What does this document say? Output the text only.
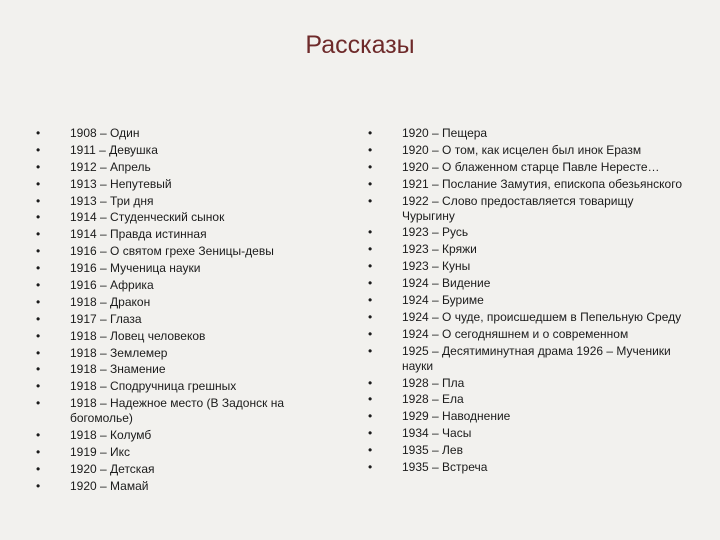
Рассказы
• 1908 – Один
• 1911 – Девушка
• 1912 – Апрель
• 1913 – Непутевый
• 1913 – Три дня
• 1914 – Студенческий сынок
• 1914 – Правда истинная
• 1916 – О святом грехе Зеницы-девы
• 1916 – Мученица науки
• 1916 – Африка
• 1918 – Дракон
• 1917 – Глаза
• 1918 – Ловец человеков
• 1918 – Землемер
• 1918 – Знамение
• 1918 – Сподручница грешных
• 1918 – Надежное место (В Задонск на богомолье)
• 1918 – Колумб
• 1919 – Икс
• 1920 – Детская
• 1920 – Мамай
• 1920 – Пещера
• 1920 – О том, как исцелен был инок Еразм
• 1920 – О блаженном старце Павле Нересте…
• 1921 – Послание Замутия, епископа обезьянского
• 1922 – Слово предоставляется товарищу Чурыгину
• 1923 – Русь
• 1923 – Кряжи
• 1923 – Куны
• 1924 – Видение
• 1924 – Буриме
• 1924 – О чуде, происшедшем в Пепельную Среду
• 1924 – О сегодняшнем и о современном
• 1925 – Десятиминутная драма 1926 – Мученики науки
• 1928 – Пла
• 1928 – Ела
• 1929 – Наводнение
• 1934 – Часы
• 1935 – Лев
• 1935 – Встреча
